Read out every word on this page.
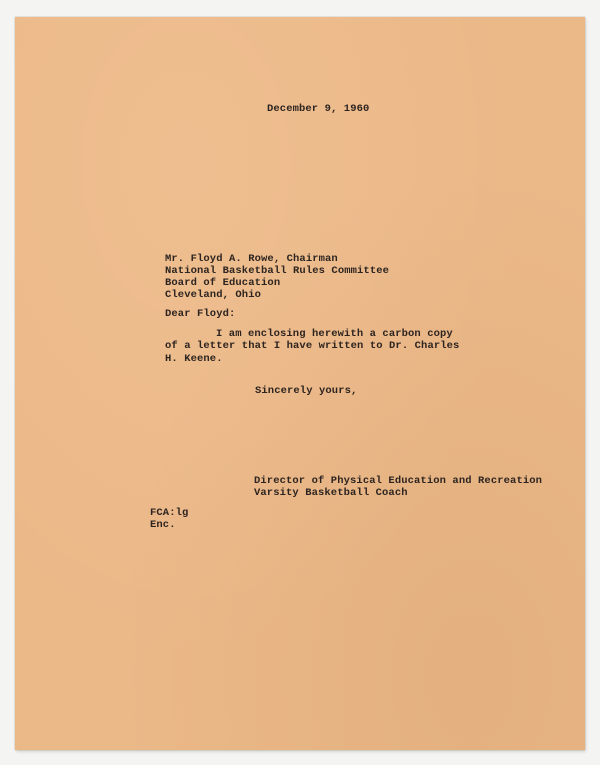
December 9, 1960
Mr. Floyd A. Rowe, Chairman
National Basketball Rules Committee
Board of Education
Cleveland, Ohio
Dear Floyd:
I am enclosing herewith a carbon copy
of a letter that I have written to Dr. Charles
H. Keene.
Sincerely yours,
Director of Physical Education and Recreation
Varsity Basketball Coach
FCA:lg
Enc.
